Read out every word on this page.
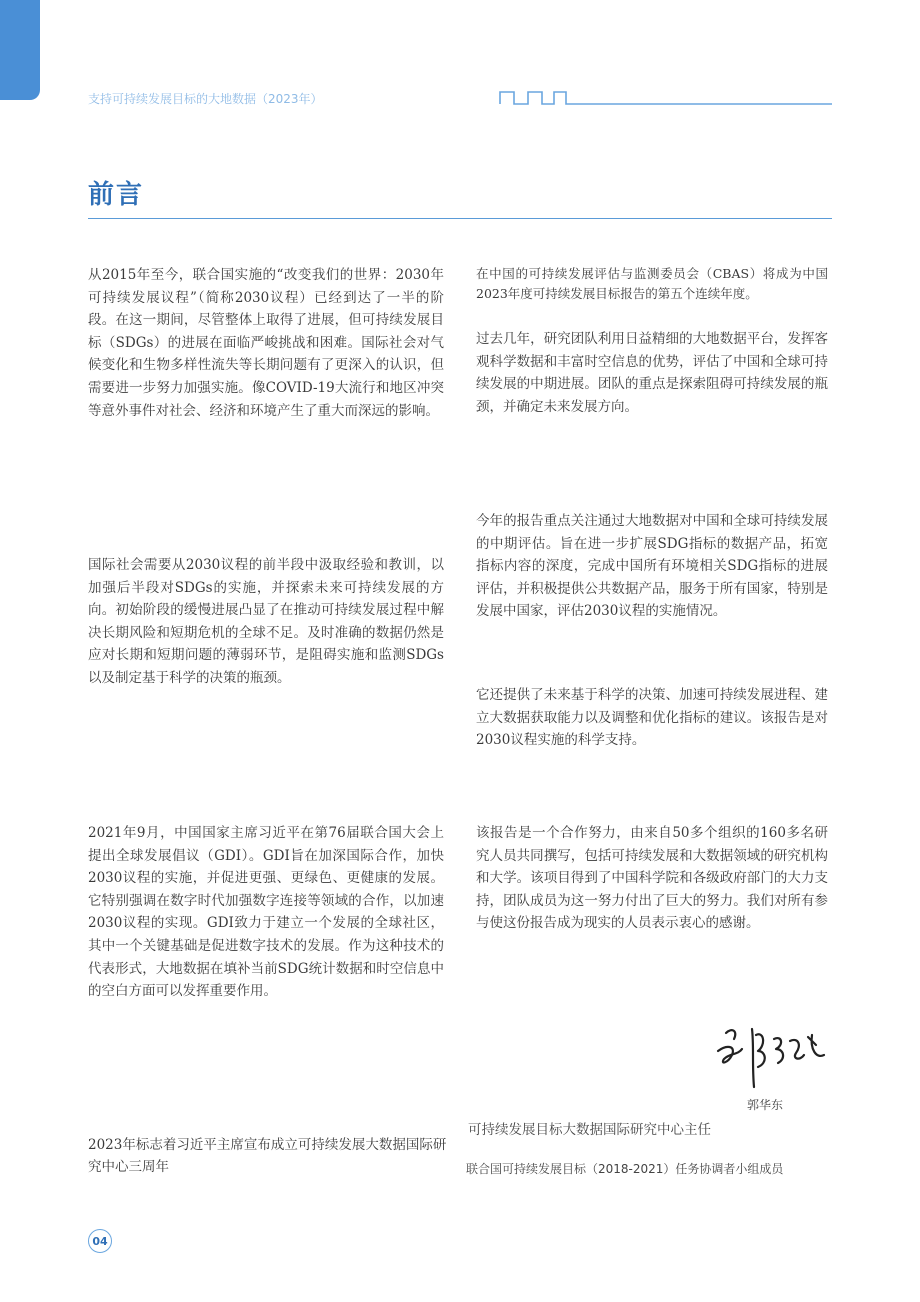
支持可持续发展目标的大地数据（2023年）
前言

从2015年至今，联合国实施的“改变我们的世界：2030年可持续发展议程”（简称2030议程）已经到达了一半的阶段。在这一期间，尽管整体上取得了进展，但可持续发展目标（SDGs）的进展在面临严峻挑战和困难。国际社会对气候变化和生物多样性流失等长期问题有了更深入的认识，但需要进一步努力加强实施。像COVID-19大流行和地区冲突等意外事件对社会、经济和环境产生了重大而深远的影响。

国际社会需要从2030议程的前半段中汲取经验和教训，以加强后半段对SDGs的实施，并探索未来可持续发展的方向。初始阶段的缓慢进展凸显了在推动可持续发展过程中解决长期风险和短期危机的全球不足。及时准确的数据仍然是应对长期和短期问题的薄弱环节，是阻碍实施和监测SDGs以及制定基于科学的决策的瓶颈。

2021年9月，中国国家主席习近平在第76届联合国大会上提出全球发展倡议（GDI）。GDI旨在加深国际合作，加快2030议程的实施，并促进更强、更绿色、更健康的发展。它特别强调在数字时代加强数字连接等领域的合作，以加速2030议程的实现。GDI致力于建立一个发展的全球社区，其中一个关键基础是促进数字技术的发展。作为这种技术的代表形式，大地数据在填补当前SDG统计数据和时空信息中的空白方面可以发挥重要作用。

在中国的可持续发展评估与监测委员会（CBAS）将成为中国2023年度可持续发展目标报告的第五个连续年度。

过去几年，研究团队利用日益精细的大地数据平台，发挥客观科学数据和丰富时空信息的优势，评估了中国和全球可持续发展的中期进展。团队的重点是探索阻碍可持续发展的瓶颈，并确定未来发展方向。

今年的报告重点关注通过大地数据对中国和全球可持续发展的中期评估。旨在进一步扩展SDG指标的数据产品，拓宽指标内容的深度，完成中国所有环境相关SDG指标的进展评估，并积极提供公共数据产品，服务于所有国家，特别是发展中国家，评估2030议程的实施情况。

它还提供了未来基于科学的决策、加速可持续发展进程、建立大数据获取能力以及调整和优化指标的建议。该报告是对2030议程实施的科学支持。

该报告是一个合作努力，由来自50多个组织的160多名研究人员共同撰写，包括可持续发展和大数据领域的研究机构和大学。该项目得到了中国科学院和各级政府部门的大力支持，团队成员为这一努力付出了巨大的努力。我们对所有参与使这份报告成为现实的人员表示衷心的感谢。

郭华东
可持续发展目标大数据国际研究中心主任
联合国可持续发展目标（2018-2021）任务协调者小组成员

2023年标志着习近平主席宣布成立可持续发展大数据国际研究中心三周年

04
